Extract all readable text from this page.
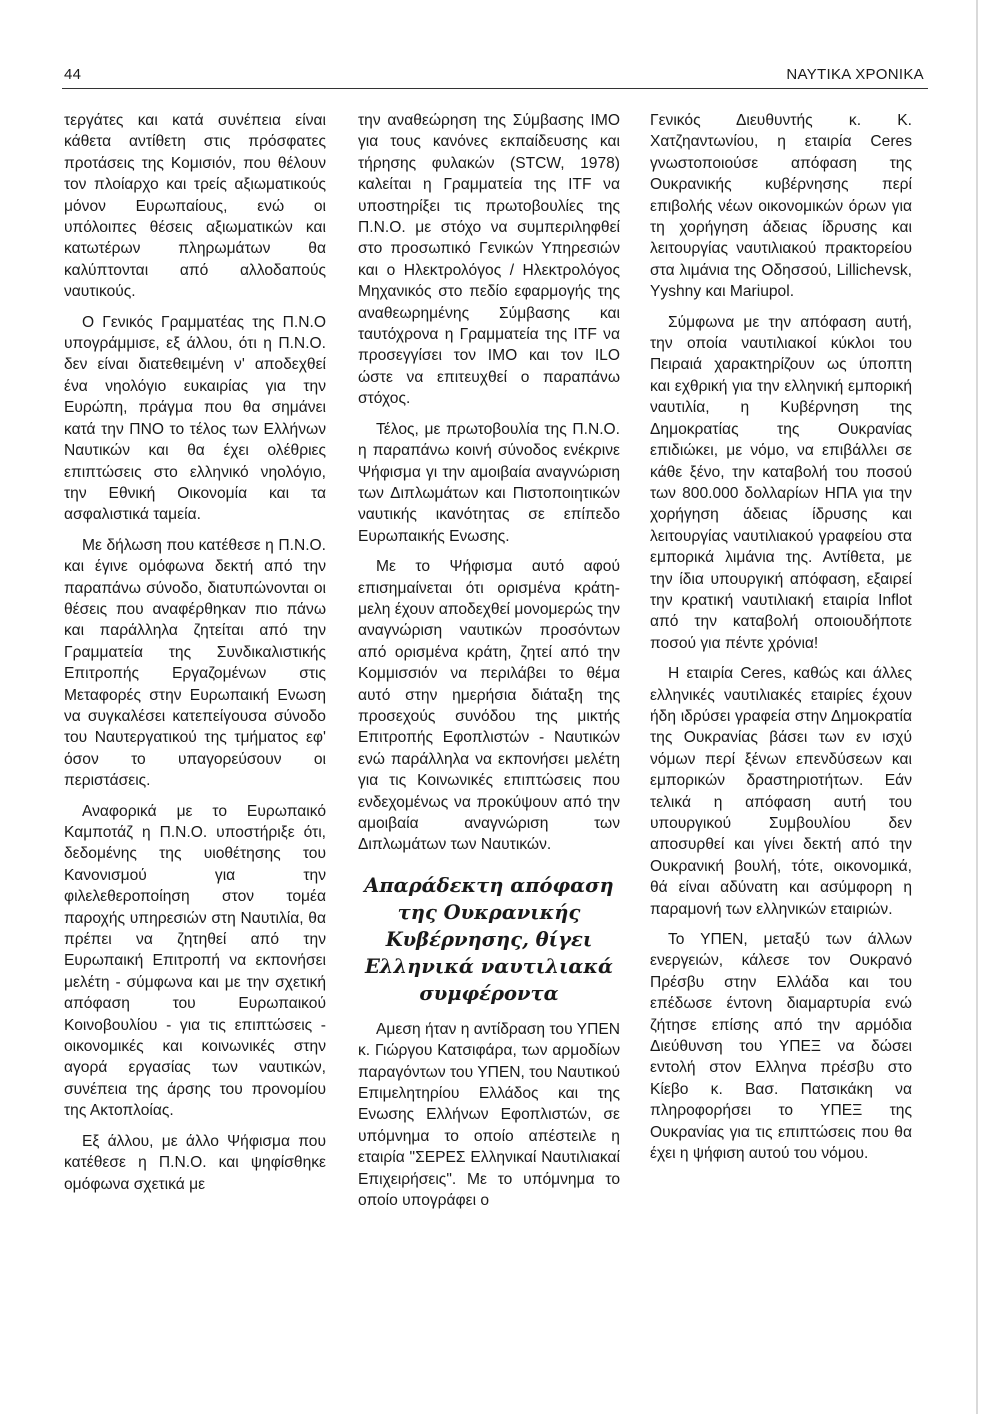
44	ΝΑΥΤΙΚΑ ΧΡΟΝΙΚΑ

τεργάτες και κατά συνέπεια είναι κάθετα αντίθετη στις πρόσφατες προτάσεις της Κομισιόν, που θέλουν τον πλοίαρχο και τρείς αξιωματικούς μόνον Ευρωπαίους, ενώ οι υπόλοιπες θέσεις αξιωματικών και κατωτέρων πληρωμάτων θα καλύπτονται από αλλοδαπούς ναυτικούς.

Ο Γενικός Γραμματέας της Π.Ν.Ο υπογράμμισε, εξ άλλου, ότι η Π.Ν.Ο. δεν είναι διατεθειμένη ν' αποδεχθεί ένα νηολόγιο ευκαιρίας για την Ευρώπη, πράγμα που θα σημάνει κατά την ΠΝΟ το τέλος των Ελλήνων Ναυτικών και θα έχει ολέθριες επιπτώσεις στο ελληνικό νηολόγιο, την Εθνική Οικονομία και τα ασφαλιστικά ταμεία.

Με δήλωση που κατέθεσε η Π.Ν.Ο. και έγινε ομόφωνα δεκτή από την παραπάνω σύνοδο, διατυπώνονται οι θέσεις που αναφέρθηκαν πιο πάνω και παράλληλα ζητείται από την Γραμματεία της Συνδικαλιστικής Επιτροπής Εργαζομένων στις Μεταφορές στην Ευρωπαική Ενωση να συγκαλέσει κατεπείγουσα σύνοδο του Ναυτεργατικού της τμήματος εφ' όσον το υπαγορεύσουν οι περιστάσεις.

Αναφορικά με το Ευρωπαικό Καμποτάζ η Π.Ν.Ο. υποστήριξε ότι, δεδομένης της υιοθέτησης του Κανονισμού για την φιλελεθεροποίηση στον τομέα παροχής υπηρεσιών στη Ναυτιλία, θα πρέπει να ζητηθεί από την Ευρωπαική Επιτροπή να εκπονήσει μελέτη - σύμφωνα και με την σχετική απόφαση του Ευρωπαικού Κοινοβουλίου - για τις επιπτώσεις - οικονομικές και κοινωνικές στην αγορά εργασίας των ναυτικών, συνέπεια της άρσης του προνομίου της Ακτοπλοίας.

Εξ άλλου, με άλλο Ψήφισμα που κατέθεσε η Π.Ν.Ο. και ψηφίσθηκε ομόφωνα σχετικά με

την αναθεώρηση της Σύμβασης ΙΜΟ για τους κανόνες εκπαίδευσης και τήρησης φυλακών (STCW, 1978) καλείται η Γραμματεία της ITF να υποστηρίξει τις πρωτοβουλίες της Π.Ν.Ο. με στόχο να συμπεριληφθεί στο προσωπικό Γενικών Υπηρεσιών και ο Ηλεκτρολόγος / Ηλεκτρολόγος Μηχανικός στο πεδίο εφαρμογής της αναθεωρημένης Σύμβασης και ταυτόχρονα η Γραμματεία της ITF να προσεγγίσει τον ΙΜΟ και τον ILO ώστε να επιτευχθεί ο παραπάνω στόχος.

Τέλος, με πρωτοβουλία της Π.Ν.Ο. η παραπάνω κοινή σύνοδος ενέκρινε Ψήφισμα γι την αμοιβαία αναγνώριση των Διπλωμάτων και Πιστοποιητικών ναυτικής ικανότητας σε επίπεδο Ευρωπαικής Ενωσης.

Με το Ψήφισμα αυτό αφού επισημαίνεται ότι ορισμένα κράτη-μελη έχουν αποδεχθεί μονομερώς την αναγνώριση ναυτικών προσόντων από ορισμένα κράτη, ζητεί από την Κομμισσιόν να περιλάβει το θέμα αυτό στην ημερήσια διάταξη της προσεχούς συνόδου της μικτής Επιτροπής Εφοπλιστών - Ναυτικών ενώ παράλληλα να εκπονήσει μελέτη για τις Κοινωνικές επιπτώσεις που ενδεχομένως να προκύψουν από την αμοιβαία αναγνώριση των Διπλωμάτων των Ναυτικών.

Απαράδεκτη απόφαση της Ουκρανικής Κυβέρνησης, θίγει Ελληνικά ναυτιλιακά συμφέροντα

Αμεση ήταν η αντίδραση του ΥΠΕΝ κ. Γιώργου Κατσιφάρα, των αρμοδίων παραγόντων του ΥΠΕΝ, του Ναυτικού Επιμελητηρίου Ελλάδος και της Ενωσης Ελλήνων Εφοπλιστών, σε υπόμνημα το οποίο απέστειλε η εταιρία "ΣΕΡΕΣ Ελληνικαί Ναυτιλιακαί Επιχειρήσεις". Με το υπόμνημα το οποίο υπογράφει ο

Γενικός Διευθυντής κ. Κ. Χατζηαντωνίου, η εταιρία Ceres γνωστοποιούσε απόφαση της Ουκρανικής κυβέρνησης περί επιβολής νέων οικονομικών όρων για τη χορήγηση άδειας ίδρυσης και λειτουργίας ναυτιλιακού πρακτορείου στα λιμάνια της Οδησσού, Lillichevsk, Yyshny και Mariupol.

Σύμφωνα με την απόφαση αυτή, την οποία ναυτιλιακοί κύκλοι του Πειραιά χαρακτηρίζουν ως ύποπτη και εχθρική για την ελληνική εμπορική ναυτιλία, η Κυβέρνηση της Δημοκρατίας της Ουκρανίας επιδιώκει, με νόμο, να επιβάλλει σε κάθε ξένο, την καταβολή του ποσού των 800.000 δολλαρίων ΗΠΑ για την χορήγηση άδειας ίδρυσης και λειτουργίας ναυτιλιακού γραφείου στα εμπορικά λιμάνια της. Αντίθετα, με την ίδια υπουργική απόφαση, εξαιρεί την κρατική ναυτιλιακή εταιρία Inflot από την καταβολή οποιουδήποτε ποσού για πέντε χρόνια!

Η εταιρία Ceres, καθώς και άλλες ελληνικές ναυτιλιακές εταιρίες έχουν ήδη ιδρύσει γραφεία στην Δημοκρατία της Ουκρανίας βάσει των εν ισχύ νόμων περί ξένων επενδύσεων και εμπορικών δραστηριοτήτων. Εάν τελικά η απόφαση αυτή του υπουργικού Συμβουλίου δεν αποσυρθεί και γίνει δεκτή από την Ουκρανική βουλή, τότε, οικονομικά, θά είναι αδύνατη και ασύμφορη η παραμονή των ελληνικών εταιριών.

Το ΥΠΕΝ, μεταξύ των άλλων ενεργειών, κάλεσε τον Ουκρανό Πρέσβυ στην Ελλάδα και του επέδωσε έντονη διαμαρτυρία ενώ ζήτησε επίσης από την αρμόδια Διεύθυνση του ΥΠΕΞ να δώσει εντολή στον Ελληνα πρέσβυ στο Κίεβο κ. Βασ. Πατσικάκη να πληροφορήσει το ΥΠΕΞ της Ουκρανίας για τις επιπτώσεις που θα έχει η ψήφιση αυτού του νόμου.
